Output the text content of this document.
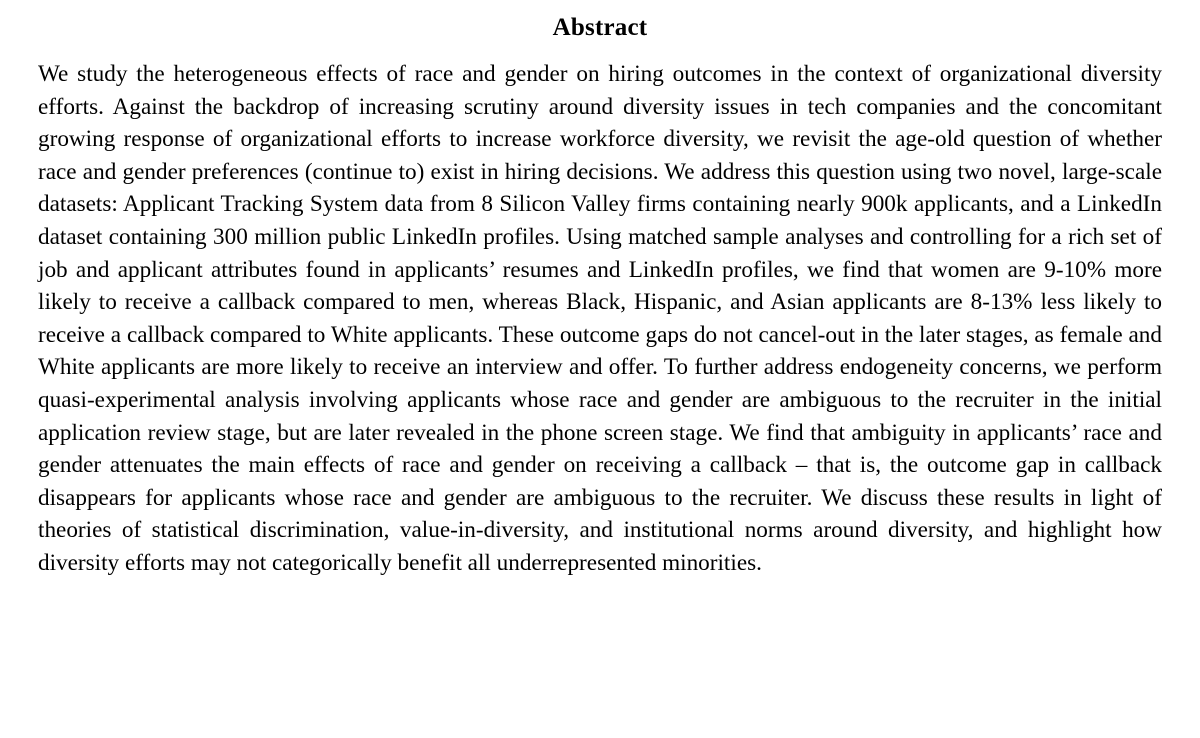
Abstract

We study the heterogeneous effects of race and gender on hiring outcomes in the context of organizational diversity efforts. Against the backdrop of increasing scrutiny around diversity issues in tech companies and the concomitant growing response of organizational efforts to increase workforce diversity, we revisit the age-old question of whether race and gender preferences (continue to) exist in hiring decisions. We address this question using two novel, large-scale datasets: Applicant Tracking System data from 8 Silicon Valley firms containing nearly 900k applicants, and a LinkedIn dataset containing 300 million public LinkedIn profiles. Using matched sample analyses and controlling for a rich set of job and applicant attributes found in applicants’ resumes and LinkedIn profiles, we find that women are 9-10% more likely to receive a callback compared to men, whereas Black, Hispanic, and Asian applicants are 8-13% less likely to receive a callback compared to White applicants. These outcome gaps do not cancel-out in the later stages, as female and White applicants are more likely to receive an interview and offer. To further address endogeneity concerns, we perform quasi-experimental analysis involving applicants whose race and gender are ambiguous to the recruiter in the initial application review stage, but are later revealed in the phone screen stage. We find that ambiguity in applicants’ race and gender attenuates the main effects of race and gender on receiving a callback – that is, the outcome gap in callback disappears for applicants whose race and gender are ambiguous to the recruiter. We discuss these results in light of theories of statistical discrimination, value-in-diversity, and institutional norms around diversity, and highlight how diversity efforts may not categorically benefit all underrepresented minorities.
